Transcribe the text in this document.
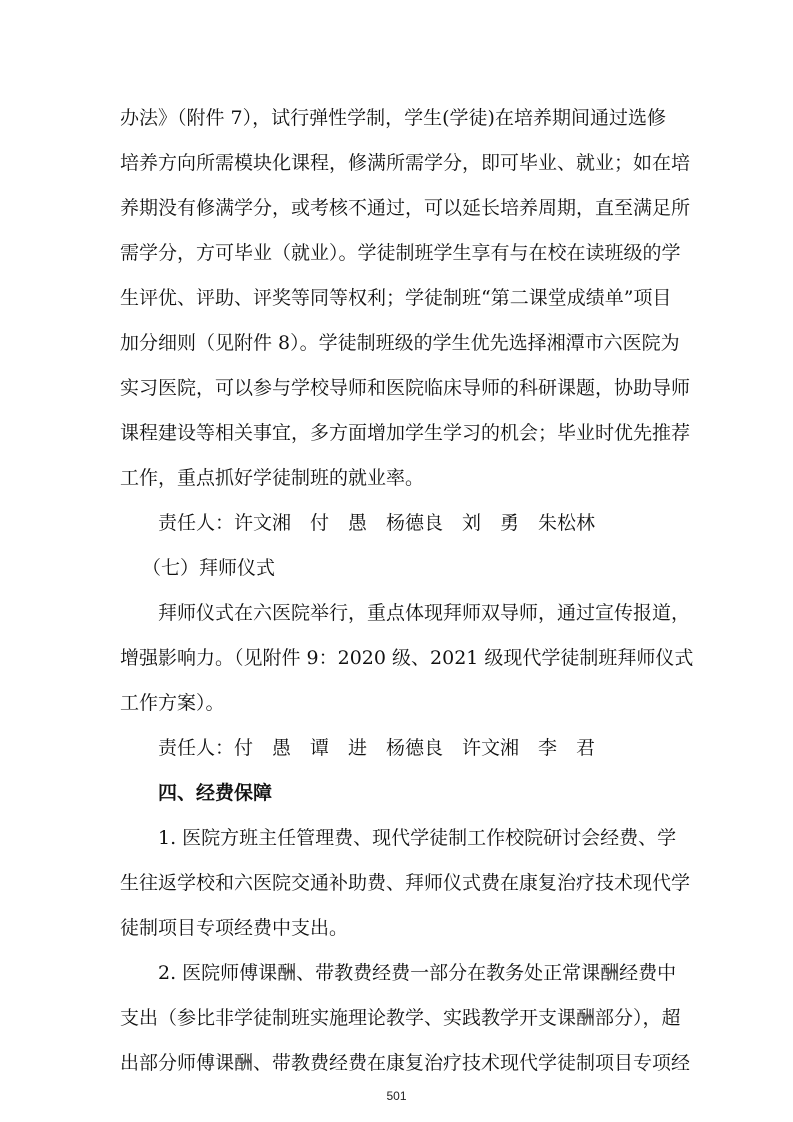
办法》（附件 7），试行弹性学制，学生(学徒)在培养期间通过选修
培养方向所需模块化课程，修满所需学分，即可毕业、就业；如在培
养期没有修满学分，或考核不通过，可以延长培养周期，直至满足所
需学分，方可毕业（就业）。学徒制班学生享有与在校在读班级的学
生评优、评助、评奖等同等权利；学徒制班“第二课堂成绩单”项目
加分细则（见附件 8）。学徒制班级的学生优先选择湘潭市六医院为
实习医院，可以参与学校导师和医院临床导师的科研课题，协助导师
课程建设等相关事宜，多方面增加学生学习的机会；毕业时优先推荐
工作，重点抓好学徒制班的就业率。
责任人：许文湘　付　愚　杨德良　刘　勇　朱松林
（七）拜师仪式
拜师仪式在六医院举行，重点体现拜师双导师，通过宣传报道，
增强影响力。（见附件 9：2020 级、2021 级现代学徒制班拜师仪式
工作方案）。
责任人：付　愚　谭　进　杨德良　许文湘　李　君
四、经费保障
1. 医院方班主任管理费、现代学徒制工作校院研讨会经费、学
生往返学校和六医院交通补助费、拜师仪式费在康复治疗技术现代学
徒制项目专项经费中支出。
2. 医院师傅课酬、带教费经费一部分在教务处正常课酬经费中
支出（参比非学徒制班实施理论教学、实践教学开支课酬部分），超
出部分师傅课酬、带教费经费在康复治疗技术现代学徒制项目专项经
501
